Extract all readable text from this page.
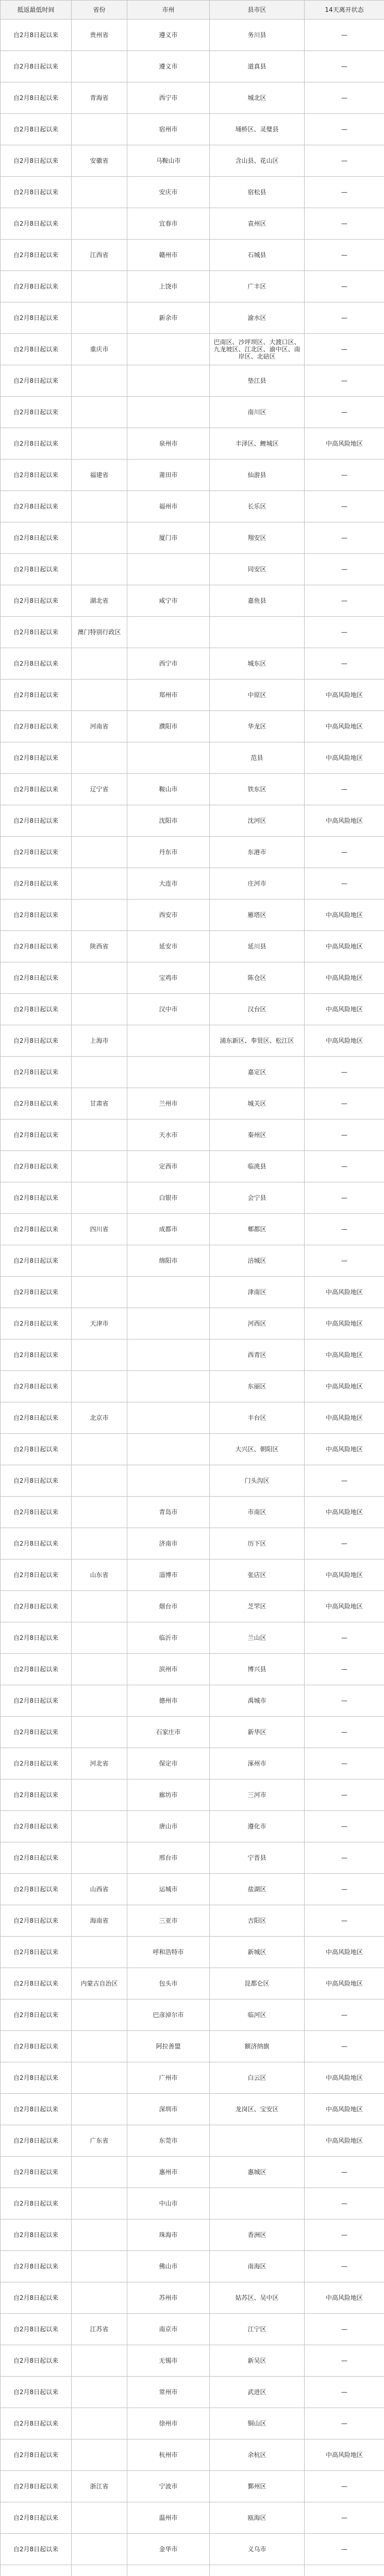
抵返最低时间	省份	市州	县市区	14天离开状态
自2月8日起以来	贵州省	遵义市	务川县	—
自2月8日起以来		遵义市	道真县	—
自2月8日起以来	青海省	西宁市	城北区	—
自2月8日起以来		宿州市	埇桥区、灵璧县	—
自2月8日起以来	安徽省	马鞍山市	含山县、花山区	—
自2月8日起以来		安庆市	宿松县	—
自2月8日起以来		宜春市	袁州区	—
自2月8日起以来	江西省	赣州市	石城县	—
自2月8日起以来		上饶市	广丰区	—
自2月8日起以来		新余市	渝水区	—
自2月8日起以来	重庆市		巴南区、沙坪坝区、大渡口区、九龙坡区、江北区、渝中区、南岸区、北碚区	—
自2月8日起以来			垫江县	—
自2月8日起以来			南川区	—
自2月8日起以来		泉州市	丰泽区、鲤城区	中高风险地区
自2月8日起以来	福建省	莆田市	仙游县	—
自2月8日起以来		福州市	长乐区	—
自2月8日起以来		厦门市	翔安区	—
自2月8日起以来			同安区	—
自2月8日起以来	湖北省	咸宁市	嘉鱼县	—
自2月8日起以来	澳门特别行政区			—
自2月8日起以来		西宁市	城东区	—
自2月8日起以来		郑州市	中原区	中高风险地区
自2月8日起以来	河南省	濮阳市	华龙区	中高风险地区
自2月8日起以来			范县	中高风险地区
自2月8日起以来	辽宁省	鞍山市	铁东区	—
自2月8日起以来		沈阳市	沈河区	中高风险地区
自2月8日起以来		丹东市	东港市	—
自2月8日起以来		大连市	庄河市	—
自2月8日起以来		西安市	雁塔区	中高风险地区
自2月8日起以来	陕西省	延安市	延川县	中高风险地区
自2月8日起以来		宝鸡市	陈仓区	中高风险地区
自2月8日起以来		汉中市	汉台区	中高风险地区
自2月8日起以来	上海市		浦东新区、奉贤区、松江区	中高风险地区
自2月8日起以来			嘉定区	—
自2月8日起以来	甘肃省	兰州市	城关区	—
自2月8日起以来		天水市	秦州区	—
自2月8日起以来		定西市	临洮县	—
自2月8日起以来		白银市	会宁县	—
自2月8日起以来	四川省	成都市	郫都区	—
自2月8日起以来		绵阳市	涪城区	—
自2月8日起以来			津南区	中高风险地区
自2月8日起以来	天津市		河西区	中高风险地区
自2月8日起以来			西青区	中高风险地区
自2月8日起以来			东丽区	中高风险地区
自2月8日起以来	北京市		丰台区	中高风险地区
自2月8日起以来			大兴区、朝阳区	中高风险地区
自2月8日起以来			门头沟区	—
自2月8日起以来		青岛市	市南区	中高风险地区
自2月8日起以来		济南市	历下区	—
自2月8日起以来	山东省	淄博市	张店区	中高风险地区
自2月8日起以来		烟台市	芝罘区	中高风险地区
自2月8日起以来		临沂市	兰山区	—
自2月8日起以来		滨州市	博兴县	—
自2月8日起以来		德州市	禹城市	—
自2月8日起以来		石家庄市	新华区	—
自2月8日起以来	河北省	保定市	涿州市	—
自2月8日起以来		廊坊市	三河市	—
自2月8日起以来		唐山市	遵化市	—
自2月8日起以来		邢台市	宁晋县	—
自2月8日起以来	山西省	运城市	盐湖区	—
自2月8日起以来	海南省	三亚市	吉阳区	—
自2月8日起以来		呼和浩特市	新城区	中高风险地区
自2月8日起以来	内蒙古自治区	包头市	昆都仑区	中高风险地区
自2月8日起以来		巴彦淖尔市	临河区	—
自2月8日起以来		阿拉善盟	额济纳旗	—
自2月8日起以来		广州市	白云区	中高风险地区
自2月8日起以来		深圳市	龙岗区、宝安区	中高风险地区
自2月8日起以来	广东省	东莞市		中高风险地区
自2月8日起以来		惠州市	惠城区	—
自2月8日起以来		中山市		—
自2月8日起以来		珠海市	香洲区	—
自2月8日起以来		佛山市	南海区	—
自2月8日起以来		苏州市	姑苏区、吴中区	中高风险地区
自2月8日起以来	江苏省	南京市	江宁区	—
自2月8日起以来		无锡市	新吴区	—
自2月8日起以来		常州市	武进区	—
自2月8日起以来		徐州市	铜山区	—
自2月8日起以来		杭州市	余杭区	中高风险地区
自2月8日起以来	浙江省	宁波市	鄞州区	—
自2月8日起以来		温州市	瓯海区	—
自2月8日起以来		金华市	义乌市	—
